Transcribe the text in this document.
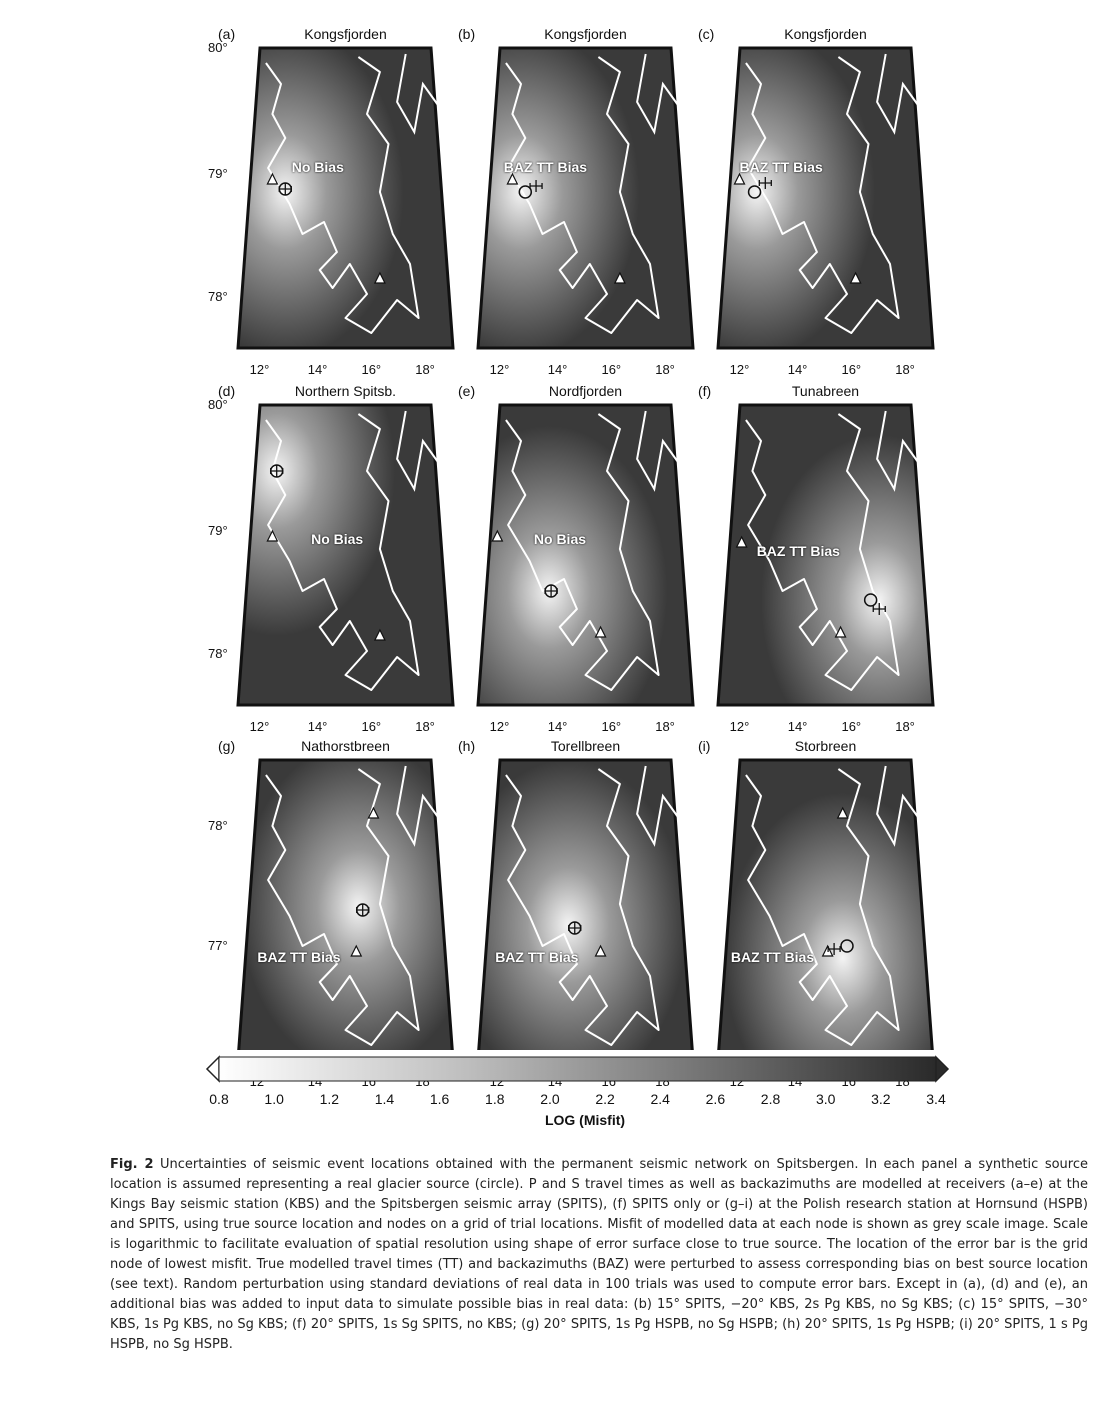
(a)	Kongsfjorden
No Bias
80°
79°
78°
12°	14°	16°	18°
(b)	Kongsfjorden
BAZ TT Bias
12°	14°	16°	18°
(c)	Kongsfjorden
BAZ TT Bias
12°	14°	16°	18°
(d)	Northern Spitsb.
No Bias
80°
79°
78°
12°	14°	16°	18°
(e)	Nordfjorden
No Bias
12°	14°	16°	18°
(f)	Tunabreen
BAZ TT Bias
12°	14°	16°	18°
(g)	Nathorstbreen
BAZ TT Bias
78°
77°
(h)	Torellbreen
BAZ TT Bias
(i)	Storbreen
BAZ TT Bias
0.8	1.0	1.2	1.4	1.6	1.8	2.0	2.2	2.4	2.6	2.8	3.0	3.2	3.4
LOG (Misfit)
Fig. 2 Uncertainties of seismic event locations obtained with the permanent seismic network on Spitsbergen. In each panel a synthetic source location is assumed representing a real glacier source (circle). P and S travel times as well as backazimuths are modelled at receivers (a–e) at the Kings Bay seismic station (KBS) and the Spitsbergen seismic array (SPITS), (f) SPITS only or (g–i) at the Polish research station at Hornsund (HSPB) and SPITS, using true source location and nodes on a grid of trial locations. Misfit of modelled data at each node is shown as grey scale image. Scale is logarithmic to facilitate evaluation of spatial resolution using shape of error surface close to true source. The location of the error bar is the grid node of lowest misfit. True modelled travel times (TT) and backazimuths (BAZ) were perturbed to assess corresponding bias on best source location (see text). Random perturbation using standard deviations of real data in 100 trials was used to compute error bars. Except in (a), (d) and (e), an additional bias was added to input data to simulate possible bias in real data: (b) 15° SPITS, −20° KBS, 2s Pg KBS, no Sg KBS; (c) 15° SPITS, −30° KBS, 1s Pg KBS, no Sg KBS; (f) 20° SPITS, 1s Sg SPITS, no KBS; (g) 20° SPITS, 1s Pg HSPB, no Sg HSPB; (h) 20° SPITS, 1s Pg HSPB; (i) 20° SPITS, 1 s Pg HSPB, no Sg HSPB.
